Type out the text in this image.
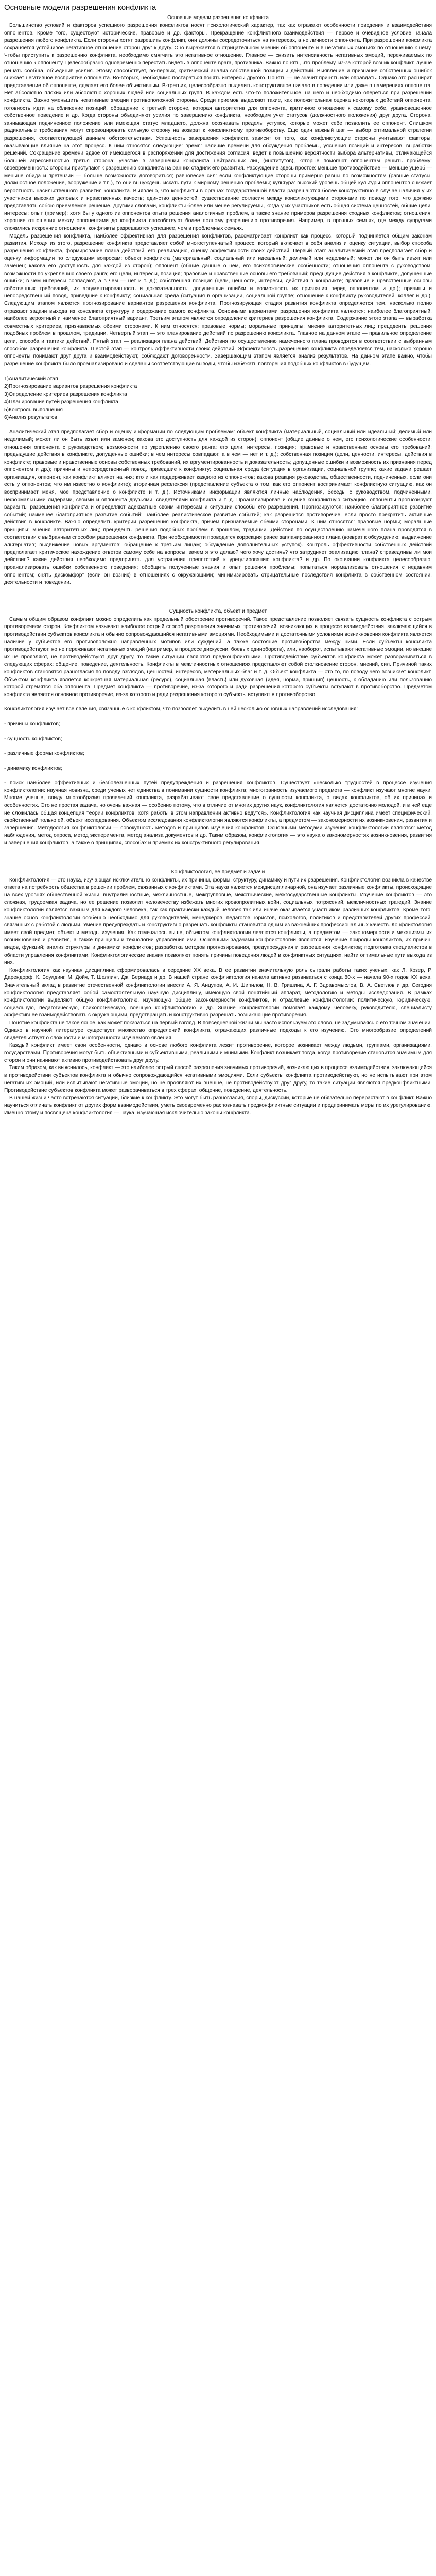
Основные модели разрешения конфликта
Основные модели разрешения конфликта

Большинство условий и факторов успешного разрешения конфликтов носят психологический характер, так как отражают особенности поведения и взаимодействия оппонентов. Кроме того, существуют исторические, правовые и др. факторы. Прекращение конфликтного взаимодействия — первое и очевидное условие начала разрешения любого конфликта. Если стороны хотят разрешить конфликт, они должны сосредоточиться на интересах, а не личности оппонента. При разрешении конфликта сохраняется устойчивое негативное отношение сторон друг к другу. Оно выражается в отрицательном мнении об оппоненте и в негативных эмоциях по отношению к нему. Чтобы приступить к разрешению конфликта, необходимо смягчить это негативное отношение. Главное — снизить интенсивность негативных эмоций, переживаемых по отношению к оппоненту. Целесообразно одновременно перестать видеть в оппоненте врага, противника. Важно понять, что проблему, из-за которой возник конфликт, лучше решать сообща, объединив усилия. Этому способствует, во-первых, критический анализ собственной позиции и действий. Выявление и признание собственных ошибок снижает негативное восприятие оппонента. Во-вторых, необходимо постараться понять интересы другого. Понять — не значит принять или оправдать. Однако это расширит представление об оппоненте, сделает его более объективным. В-третьих, целесообразно выделить конструктивное начало в поведении или даже в намерениях оппонента. Нет абсолютно плохих или абсолютно хороших людей или социальных групп. В каждом есть что-то положительное, на него и необходимо опереться при разрешении конфликта. Важно уменьшить негативные эмоции противоположной стороны. Среди приемов выделяют такие, как положительная оценка некоторых действий оппонента, готовность идти на сближение позиций, обращение к третьей стороне, которая авторитетна для оппонента, критичное отношение к самому себе, уравновешенное собственное поведение и др. Когда стороны объединяют усилия по завершению конфликта, необходим учет статусов (должностного положения) друг друга. Сторона, занимающая подчиненное положение или имеющая статус младшего, должна осознавать пределы уступок, которые может себе позволить ее оппонент. Слишком радикальные требования могут спровоцировать сильную сторону на возврат к конфликтному противоборству. Еще один важный шаг — выбор оптимальной стратегии разрешения, соответствующей данным обстоятельствам. Успешность завершения конфликта зависит от того, как конфликтующие стороны учитывают факторы, оказывающие влияние на этот процесс. К ним относятся следующие: время: наличие времени для обсуждения проблемы, уяснения позиций и интересов, выработки решений. Сокращение времени вдвое от имеющегося в распоряжении для достижения согласия, ведет к повышению вероятности выбора альтернативы, отличающейся большей агрессивностью третья сторона: участие в завершении конфликта нейтральных лиц (институтов), которые помогают оппонентам решить проблему; своевременность: стороны приступают к разрешению конфликта на ранних стадиях его развития. Рассуждение здесь простое: меньше противодействие — меньше ущерб — меньше обида и претензии — больше возможности договориться; равновесие сил: если конфликтующие стороны примерно равны по возможностям (равные статусы, должностное положение, вооружение и т.п.), то они вынуждены искать пути к мирному решению проблемы; культура: высокий уровень общей культуры оппонентов снижает вероятность насильственного развития конфликта. Выявлено, что конфликты в органах государственной власти разрешаются более конструктивно в случае наличия у их участников высоких деловых и нравственных качеств; единство ценностей: существование согласия между конфликтующими сторонами по поводу того, что должно представлять собою приемлемое решение. Другими словами, конфликты более или менее регулируемы, когда у их участников есть общая система ценностей, общие цели, интересы; опыт (пример): хотя бы у одного из оппонентов опыта решения аналогичных проблем, а также знание примеров разрешения сходных конфликтов; отношения: хорошие отношения между оппонентами до конфликта способствуют более полному разрешению противоречия. Например, в прочных семьях, где между супругами сложились искренние отношения, конфликты разрешаются успешнее, чем в проблемных семьях.

Модель разрешения конфликта, наиболее эффективная для разрешения конфликтов, рассматривает конфликт как процесс, который подчиняется общим законам развития. Исходя из этого, разрешение конфликта представляет собой многоступенчатый процесс, который включает в себя анализ и оценку ситуации, выбор способа разрешения конфликта, формирование плана действий, его реализацию, оценку эффективности своих действий. Первый этап: аналитический этап предполагает сбор и оценку информации по следующим вопросам: объект конфликта (материальный, социальный или идеальный; делимый или неделимый; может ли он быть изъят или заменен; какова его доступность для каждой из сторон); оппонент (общие данные о нем, его психологические особенности; отношения оппонента с руководством; возможности по укреплению своего ранга; его цели, интересы, позиция; правовые и нравственные основы его требований; предыдущие действия в конфликте, допущенные ошибки; в чем интересы совпадают, а в чем — нет и т. д.); собственная позиция (цели, ценности, интересы, действия в конфликте; правовые и нравственные основы собственных требований, их аргументированность и доказательность; допущенные ошибки и возможность их признания перед оппонентом и др.); причины и непосредственный повод, приведшие к конфликту; социальная среда (ситуация в организации, социальной группе; отношение к конфликту руководителей, коллег и др.). Следующим этапом является прогнозирование вариантов разрешения конфликта. Прогнозирующая стадия развития конфликта определяется тем, насколько полно отражают задачи выхода из конфликта структуру и содержание самого конфликта. Основными вариантами разрешения конфликта являются: наиболее благоприятный, наиболее вероятный и наименее благоприятный вариант. Третьим этапом является определение критериев разрешения конфликта. Содержание этого этапа — выработка совместных критериев, признаваемых обеими сторонами. К ним относятся: правовые нормы; моральные принципы; мнения авторитетных лиц; прецеденты решения подобных проблем в прошлом, традиции. Четвертый этап — это планирование действий по разрешению конфликта. Главное на данном этапе — правильное определение цели, способа и тактики действий. Пятый этап — реализация плана действий. Действия по осуществлению намеченного плана проводятся в соответствии с выбранным способом разрешения конфликта. Шестой этап — контроль эффективности своих действий. Эффективность разрешения конфликта определяется тем, насколько хорошо оппоненты понимают друг друга и взаимодействуют, соблюдают договоренности. Завершающим этапом является анализ результатов. На данном этапе важно, чтобы разрешение конфликта было проанализировано и сделаны соответствующие выводы, чтобы избежать повторения подобных конфликтов в будущем.

1)Аналитический этап
2)Прогнозирование вариантов разрешения конфликта
3)Определение критериев разрешения конфликта
4)Планирование путей разрешения конфликта
5)Контроль выполнения
6)Анализ результатов

Аналитический этап предполагает сбор и оценку информации по следующим проблемам: объект конфликта (материальный, социальный или идеальный; делимый или неделимый; может ли он быть изъят или заменен; какова его доступность для каждой из сторон); оппонент (общие данные о нем, его психологические особенности; отношения оппонента с руководством; возможности по укреплению своего ранга; его цели, интересы, позиция; правовые и нравственные основы его требований; предыдущие действия в конфликте, допущенные ошибки; в чем интересы совпадают, а в чем — нет и т. д.); собственная позиция (цели, ценности, интересы, действия в конфликте; правовые и нравственные основы собственных требований, их аргументированность и доказательность; допущенные ошибки и возможность их признания перед оппонентом и др.); причины и непосредственный повод, приведшие к конфликту; социальная среда (ситуация в организации, социальной группе; какие задачи решает организация, оппонент, как конфликт влияет на них; кто и как поддерживает каждого из оппонентов; какова реакция руководства, общественности, подчиненных, если они есть у оппонентов; что им известно о конфликте); вторичная рефлексия (представление субъекта о том, как его оппонент воспринимает конфликтную ситуацию, как он воспринимает меня, мое представление о конфликте и т. д.). Источниками информации являются личные наблюдения, беседы с руководством, подчиненными, неформальными лидерами, своими и оппонента друзьями, свидетелями конфликта и т. д. Проанализировав и оценив конфликтную ситуацию, оппоненты прогнозируют варианты разрешения конфликта и определяют адекватные своим интересам и ситуации способы его разрешения. Прогнозируются: наиболее благоприятное развитие событий; наименее благоприятное развитие событий; наиболее реалистическое развитие событий; как разрешится противоречие, если просто прекратить активные действия в конфликте. Важно определить критерии разрешения конфликта, причем признаваемые обеими сторонами. К ним относятся: правовые нормы; моральные принципы; мнения авторитетных лиц; прецеденты решения подобных проблем в прошлом, традиции. Действия по осуществлению намеченного плана проводятся в соответствии с выбранным способом разрешения конфликта. При необходимости проводится коррекция ранее запланированного плана (возврат к обсуждению; выдвижение альтернатив; выдвижение новых аргументов; обращение к третьим лицам; обсуждение дополнительных уступок). Контроль эффективности собственных действий предполагает критическое нахождение ответов самому себе на вопросы: зачем я это делаю? чего хочу достичь? что затрудняет реализацию плана? справедливы ли мои действия? какие действия необходимо предпринять для устранения препятствий к урегулированию конфликта? и др. По окончании конфликта целесообразно: проанализировать ошибки собственного поведения; обобщить полученные знания и опыт решения проблемы; попытаться нормализовать отношения с недавним оппонентом; снять дискомфорт (если он возник) в отношениях с окружающими; минимизировать отрицательные последствия конфликта в собственном состоянии, деятельности и поведении.

Сущность конфликта, объект и предмет

Самым общим образом конфликт можно определить как предельный обострение противоречий. Такое представление позволяет связать сущность конфликта с острым противоречием сторон. Конфликтом называют наиболее острый способ разрешения значимых противоречий, возникающих в процессе взаимодействия, заключающийся в противодействии субъектов конфликта и обычно сопровождающийся негативными эмоциями. Необходимыми и достаточными условиями возникновения конфликта является наличие у субъектов его противоположно направленных мотивов или суждений, а также состояние противоборства между ними. Если субъекты конфликта противодействуют, но не переживают негативных эмоций (например, в процессе дискуссии, боевых единоборств), или, наоборот, испытывают негативные эмоции, но внешне их не проявляют, не противодействуют друг другу, то такие ситуации являются предконфликтными. Противодействие субъектов конфликта может разворачиваться в следующих сферах: общение, поведение, деятельность. Конфликты в межличностных отношениях представляют собой столкновение сторон, мнений, сил. Причиной таких конфликтов становятся разногласия по поводу взглядов, ценностей, интересов, материальных благ и т. д. Объект конфликта — это то, по поводу чего возникает конфликт. Объектом конфликта является конкретная материальная (ресурс), социальная (власть) или духовная (идея, норма, принцип) ценность, к обладанию или пользованию которой стремятся оба оппонента. Предмет конфликта — противоречие, из-за которого и ради разрешения которого субъекты вступают в противоборство. Предметом конфликта является основное противоречие, из-за которого и ради разрешения которого субъекты вступают в противоборство.

Конфликтология изучает все явления, связанные с конфликтом, что позволяет выделить в ней несколько основных направлений исследования:
- причины конфликтов;
- сущность конфликтов;
- различные формы конфликтов;
- динамику конфликтов;
- поиск наиболее эффективных и безболезненных путей предупреждения и разрешения конфликтов. Существует «несколько трудностей в процессе изучения конфликтологии: научная новизна, среди ученых нет единства в понимании сущности конфликта; многогранность изучаемого предмета — конфликт изучают многие науки. Многие ученые, ввиду многообразия проявлений конфликта, разрабатывают свое представление о сущности конфликта, о видах конфликтов, об их причинах и особенностях. Это не простая задача, но очень важная — особенно потому, что в отличие от многих других наук, конфликтология является достаточно молодой, и в ней еще не сложилась общая концепция теории конфликтов, хотя работы в этом направлении активно ведутся». Конфликтология как научная дисциплина имеет специфический, свойственный только ей, объект исследования. Объектом исследования конфликтологии являются конфликты, а предметом — закономерности их возникновения, развития и завершения. Методология конфликтологии — совокупность методов и принципов изучения конфликтов. Основными методами изучения конфликтологии являются: метод наблюдения, метод опроса, метод эксперимента, метод анализа документов и др. Таким образом, конфликтология — это наука о закономерностях возникновения, развития и завершения конфликтов, а также о принципах, способах и приемах их конструктивного регулирования.
Конфликтология, ее предмет и задачи

Конфликтология — это наука, изучающая исключительно конфликты, их причины, формы, структуру, динамику и пути их разрешения. Конфликтология возникла в качестве ответа на потребность общества в решении проблем, связанных с конфликтами. Эта наука является междисциплинарной, она изучает различные конфликты, происходящие на всех уровнях общественной жизни: внутриличностные, межличностные, межгрупповые, межэтнические, межгосударственные конфликты. Изучение конфликтов — это сложная, трудоемкая задача, но ее решение позволит человечеству избежать многих кровопролитных войн, социальных потрясений, межличностных трагедий. Знание конфликтологии является важным для каждого человека, так как практически каждый человек так или иначе оказывается участником различных конфликтов. Кроме того, знание основ конфликтологии особенно необходимо для руководителей, менеджеров, педагогов, юристов, психологов, политиков и представителей других профессий, связанных с работой с людьми. Умение предупреждать и конструктивно разрешать конфликты становится одним из важнейших профессиональных качеств. Конфликтология имеет свой предмет, объект и методы изучения. Как отмечалось выше, объектом конфликтологии являются конфликты, а предметом — закономерности и механизмы их возникновения и развития, а также принципы и технологии управления ими. Основными задачами конфликтологии являются: изучение природы конфликтов, их причин, видов, функций; анализ структуры и динамики конфликтов; разработка методов прогнозирования, предупреждения и разрешения конфликтов; подготовка специалистов в области управления конфликтами. Конфликтологические знания позволяют понять причины поведения людей в конфликтных ситуациях, найти оптимальные пути выхода из них.

Конфликтология как научная дисциплина сформировалась в середине XX века. В ее развитии значительную роль сыграли работы таких ученых, как Л. Козер, Р. Дарендорф, К. Боулдинг, М. Дойч, Т. Шеллинг, Дж. Бернард и др. В нашей стране конфликтология начала активно развиваться с конца 80-х — начала 90-х годов XX века. Значительный вклад в развитие отечественной конфликтологии внесли А. Я. Анцупов, А. И. Шипилов, Н. В. Гришина, А. Г. Здравомыслов, В. А. Светлов и др. Сегодня конфликтология представляет собой самостоятельную научную дисциплину, имеющую свой понятийный аппарат, методологию и методы исследования. В рамках конфликтологии выделяют общую конфликтологию, изучающую общие закономерности конфликтов, и отраслевые конфликтологии: политическую, юридическую, социальную, педагогическую, психологическую, военную конфликтологию и др. Знание конфликтологии помогает каждому человеку, руководителю, специалисту эффективнее взаимодействовать с окружающими, предотвращать и конструктивно разрешать возникающие противоречия.

Понятие конфликта не такое ясное, как может показаться на первый взгляд. В повседневной жизни мы часто используем это слово, не задумываясь о его точном значении. Однако в научной литературе существует множество определений конфликта, отражающих различные подходы к его изучению. Это многообразие определений свидетельствует о сложности и многогранности изучаемого явления.

Каждый конфликт имеет свои особенности, однако в основе любого конфликта лежит противоречие, которое возникает между людьми, группами, организациями, государствами. Противоречия могут быть объективными и субъективными, реальными и мнимыми. Конфликт возникает тогда, когда противоречие становится значимым для сторон и они начинают активно противодействовать друг другу.

Таким образом, как выяснилось, конфликт — это наиболее острый способ разрешения значимых противоречий, возникающих в процессе взаимодействия, заключающийся в противодействии субъектов конфликта и обычно сопровождающийся негативными эмоциями. Если субъекты конфликта противодействуют, но не испытывают при этом негативных эмоций, или испытывают негативные эмоции, но не проявляют их внешне, не противодействуют друг другу, то такие ситуации являются предконфликтными. Противодействие субъектов конфликта может разворачиваться в трех сферах: общение, поведение, деятельность.

В нашей жизни часто встречаются ситуации, близкие к конфликту. Это могут быть разногласия, споры, дискуссии, которые не обязательно перерастают в конфликт. Важно научиться отличать конфликт от других форм взаимодействия, уметь своевременно распознавать предконфликтные ситуации и предпринимать меры по их урегулированию. Именно этому и посвящена конфликтология — наука, изучающая исключительно законы конфликта.
